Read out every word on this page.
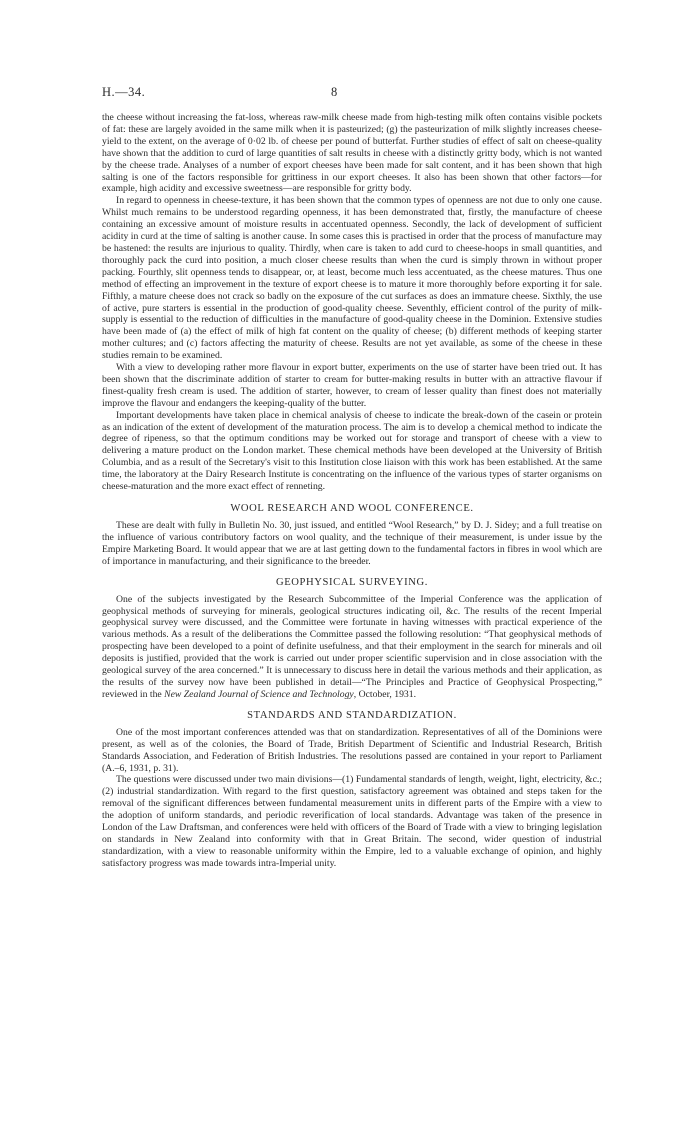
H.—34.	8

the cheese without increasing the fat-loss, whereas raw-milk cheese made from high-testing milk often contains visible pockets of fat: these are largely avoided in the same milk when it is pasteurized; (g) the pasteurization of milk slightly increases cheese-yield to the extent, on the average of 0·02 lb. of cheese per pound of butterfat. Further studies of effect of salt on cheese-quality have shown that the addition to curd of large quantities of salt results in cheese with a distinctly gritty body, which is not wanted by the cheese trade. Analyses of a number of export cheeses have been made for salt content, and it has been shown that high salting is one of the factors responsible for grittiness in our export cheeses. It also has been shown that other factors—for example, high acidity and excessive sweetness—are responsible for gritty body.

In regard to openness in cheese-texture, it has been shown that the common types of openness are not due to only one cause. Whilst much remains to be understood regarding openness, it has been demonstrated that, firstly, the manufacture of cheese containing an excessive amount of moisture results in accentuated openness. Secondly, the lack of development of sufficient acidity in curd at the time of salting is another cause. In some cases this is practised in order that the process of manufacture may be hastened: the results are injurious to quality. Thirdly, when care is taken to add curd to cheese-hoops in small quantities, and thoroughly pack the curd into position, a much closer cheese results than when the curd is simply thrown in without proper packing. Fourthly, slit openness tends to disappear, or, at least, become much less accentuated, as the cheese matures. Thus one method of effecting an improvement in the texture of export cheese is to mature it more thoroughly before exporting it for sale. Fifthly, a mature cheese does not crack so badly on the exposure of the cut surfaces as does an immature cheese. Sixthly, the use of active, pure starters is essential in the production of good-quality cheese. Seventhly, efficient control of the purity of milk-supply is essential to the reduction of difficulties in the manufacture of good-quality cheese in the Dominion. Extensive studies have been made of (a) the effect of milk of high fat content on the quality of cheese; (b) different methods of keeping starter mother cultures; and (c) factors affecting the maturity of cheese. Results are not yet available, as some of the cheese in these studies remain to be examined.

With a view to developing rather more flavour in export butter, experiments on the use of starter have been tried out. It has been shown that the discriminate addition of starter to cream for butter-making results in butter with an attractive flavour if finest-quality fresh cream is used. The addition of starter, however, to cream of lesser quality than finest does not materially improve the flavour and endangers the keeping-quality of the butter.

Important developments have taken place in chemical analysis of cheese to indicate the break-down of the casein or protein as an indication of the extent of development of the maturation process. The aim is to develop a chemical method to indicate the degree of ripeness, so that the optimum conditions may be worked out for storage and transport of cheese with a view to delivering a mature product on the London market. These chemical methods have been developed at the University of British Columbia, and as a result of the Secretary's visit to this Institution close liaison with this work has been established. At the same time, the laboratory at the Dairy Research Institute is concentrating on the influence of the various types of starter organisms on cheese-maturation and the more exact effect of renneting.

WOOL RESEARCH AND WOOL CONFERENCE.

These are dealt with fully in Bulletin No. 30, just issued, and entitled “Wool Research,” by D. J. Sidey; and a full treatise on the influence of various contributory factors on wool quality, and the technique of their measurement, is under issue by the Empire Marketing Board. It would appear that we are at last getting down to the fundamental factors in fibres in wool which are of importance in manufacturing, and their significance to the breeder.

GEOPHYSICAL SURVEYING.

One of the subjects investigated by the Research Subcommittee of the Imperial Conference was the application of geophysical methods of surveying for minerals, geological structures indicating oil, &c. The results of the recent Imperial geophysical survey were discussed, and the Committee were fortunate in having witnesses with practical experience of the various methods. As a result of the deliberations the Committee passed the following resolution: “That geophysical methods of prospecting have been developed to a point of definite usefulness, and that their employment in the search for minerals and oil deposits is justified, provided that the work is carried out under proper scientific supervision and in close association with the geological survey of the area concerned.” It is unnecessary to discuss here in detail the various methods and their application, as the results of the survey now have been published in detail—“The Principles and Practice of Geophysical Prospecting,” reviewed in the New Zealand Journal of Science and Technology, October, 1931.

STANDARDS AND STANDARDIZATION.

One of the most important conferences attended was that on standardization. Representatives of all of the Dominions were present, as well as of the colonies, the Board of Trade, British Department of Scientific and Industrial Research, British Standards Association, and Federation of British Industries. The resolutions passed are contained in your report to Parliament (A.–6, 1931, p. 31).

The questions were discussed under two main divisions—(1) Fundamental standards of length, weight, light, electricity, &c.; (2) industrial standardization. With regard to the first question, satisfactory agreement was obtained and steps taken for the removal of the significant differences between fundamental measurement units in different parts of the Empire with a view to the adoption of uniform standards, and periodic reverification of local standards. Advantage was taken of the presence in London of the Law Draftsman, and conferences were held with officers of the Board of Trade with a view to bringing legislation on standards in New Zealand into conformity with that in Great Britain. The second, wider question of industrial standardization, with a view to reasonable uniformity within the Empire, led to a valuable exchange of opinion, and highly satisfactory progress was made towards intra-Imperial unity.
